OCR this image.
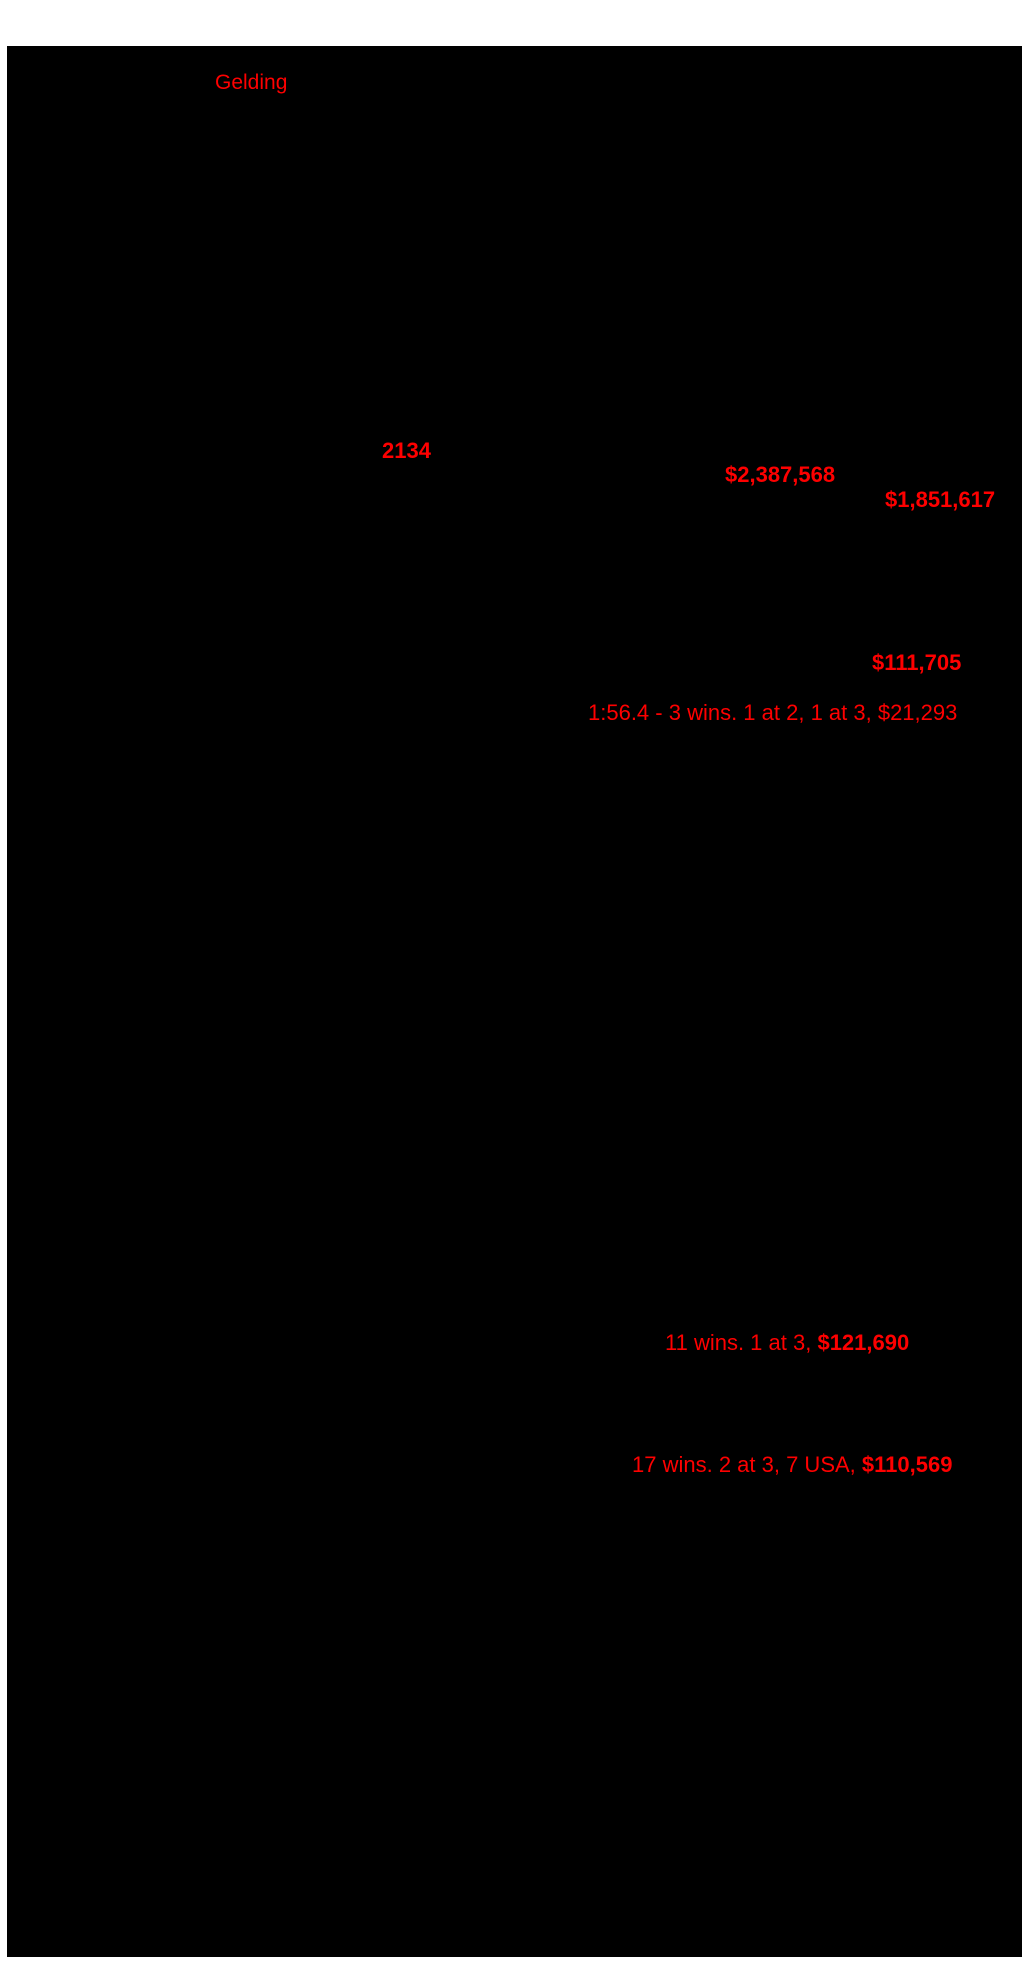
Gelding
2134
$2,387,568
$1,851,617
$111,705
1:56.4 - 3 wins. 1 at 2, 1 at 3, $21,293
11 wins. 1 at 3, $121,690
17 wins. 2 at 3, 7 USA, $110,569
